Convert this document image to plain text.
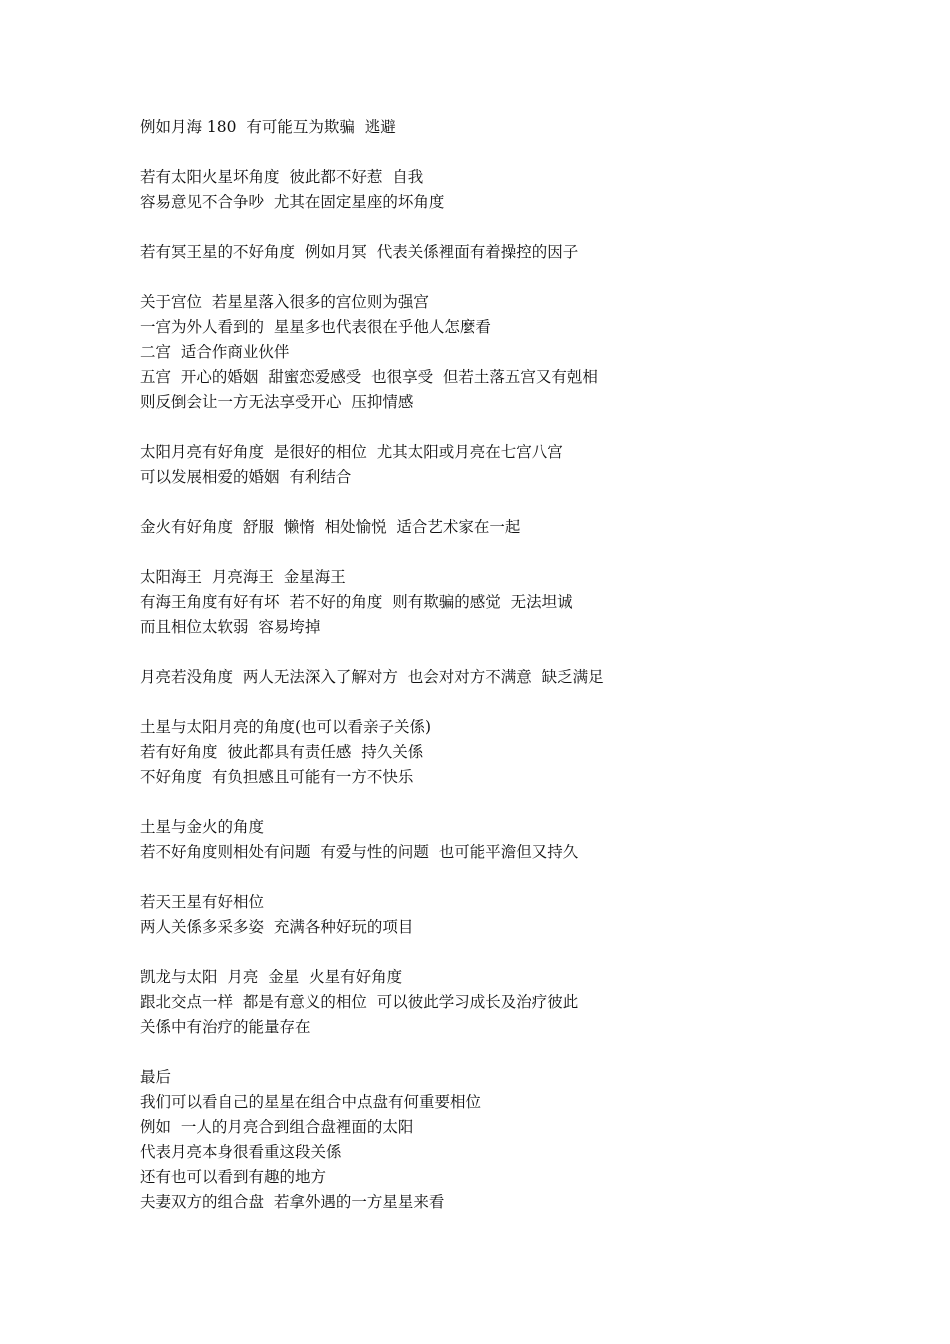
例如月海 180  有可能互为欺骗  逃避
若有太阳火星坏角度  彼此都不好惹  自我
容易意见不合争吵  尤其在固定星座的坏角度
若有冥王星的不好角度  例如月冥  代表关係裡面有着操控的因子
关于宫位  若星星落入很多的宫位则为强宫
一宫为外人看到的  星星多也代表很在乎他人怎麼看
二宫  适合作商业伙伴
五宫  开心的婚姻  甜蜜恋爱感受  也很享受  但若土落五宫又有剋相
则反倒会让一方无法享受开心  压抑情感
太阳月亮有好角度  是很好的相位  尤其太阳或月亮在七宫八宫
可以发展相爱的婚姻  有利结合
金火有好角度  舒服  懒惰  相处愉悦  适合艺术家在一起
太阳海王  月亮海王  金星海王
有海王角度有好有坏  若不好的角度  则有欺骗的感觉  无法坦诚
而且相位太软弱  容易垮掉
月亮若没角度  两人无法深入了解对方  也会对对方不满意  缺乏满足
土星与太阳月亮的角度(也可以看亲子关係)
若有好角度  彼此都具有责任感  持久关係
不好角度  有负担感且可能有一方不快乐
土星与金火的角度
若不好角度则相处有问题  有爱与性的问题  也可能平澹但又持久
若天王星有好相位
两人关係多采多姿  充满各种好玩的项目
凯龙与太阳  月亮  金星  火星有好角度
跟北交点一样  都是有意义的相位  可以彼此学习成长及治疗彼此
关係中有治疗的能量存在
最后
我们可以看自己的星星在组合中点盘有何重要相位
例如  一人的月亮合到组合盘裡面的太阳
代表月亮本身很看重这段关係
还有也可以看到有趣的地方
夫妻双方的组合盘  若拿外遇的一方星星来看
